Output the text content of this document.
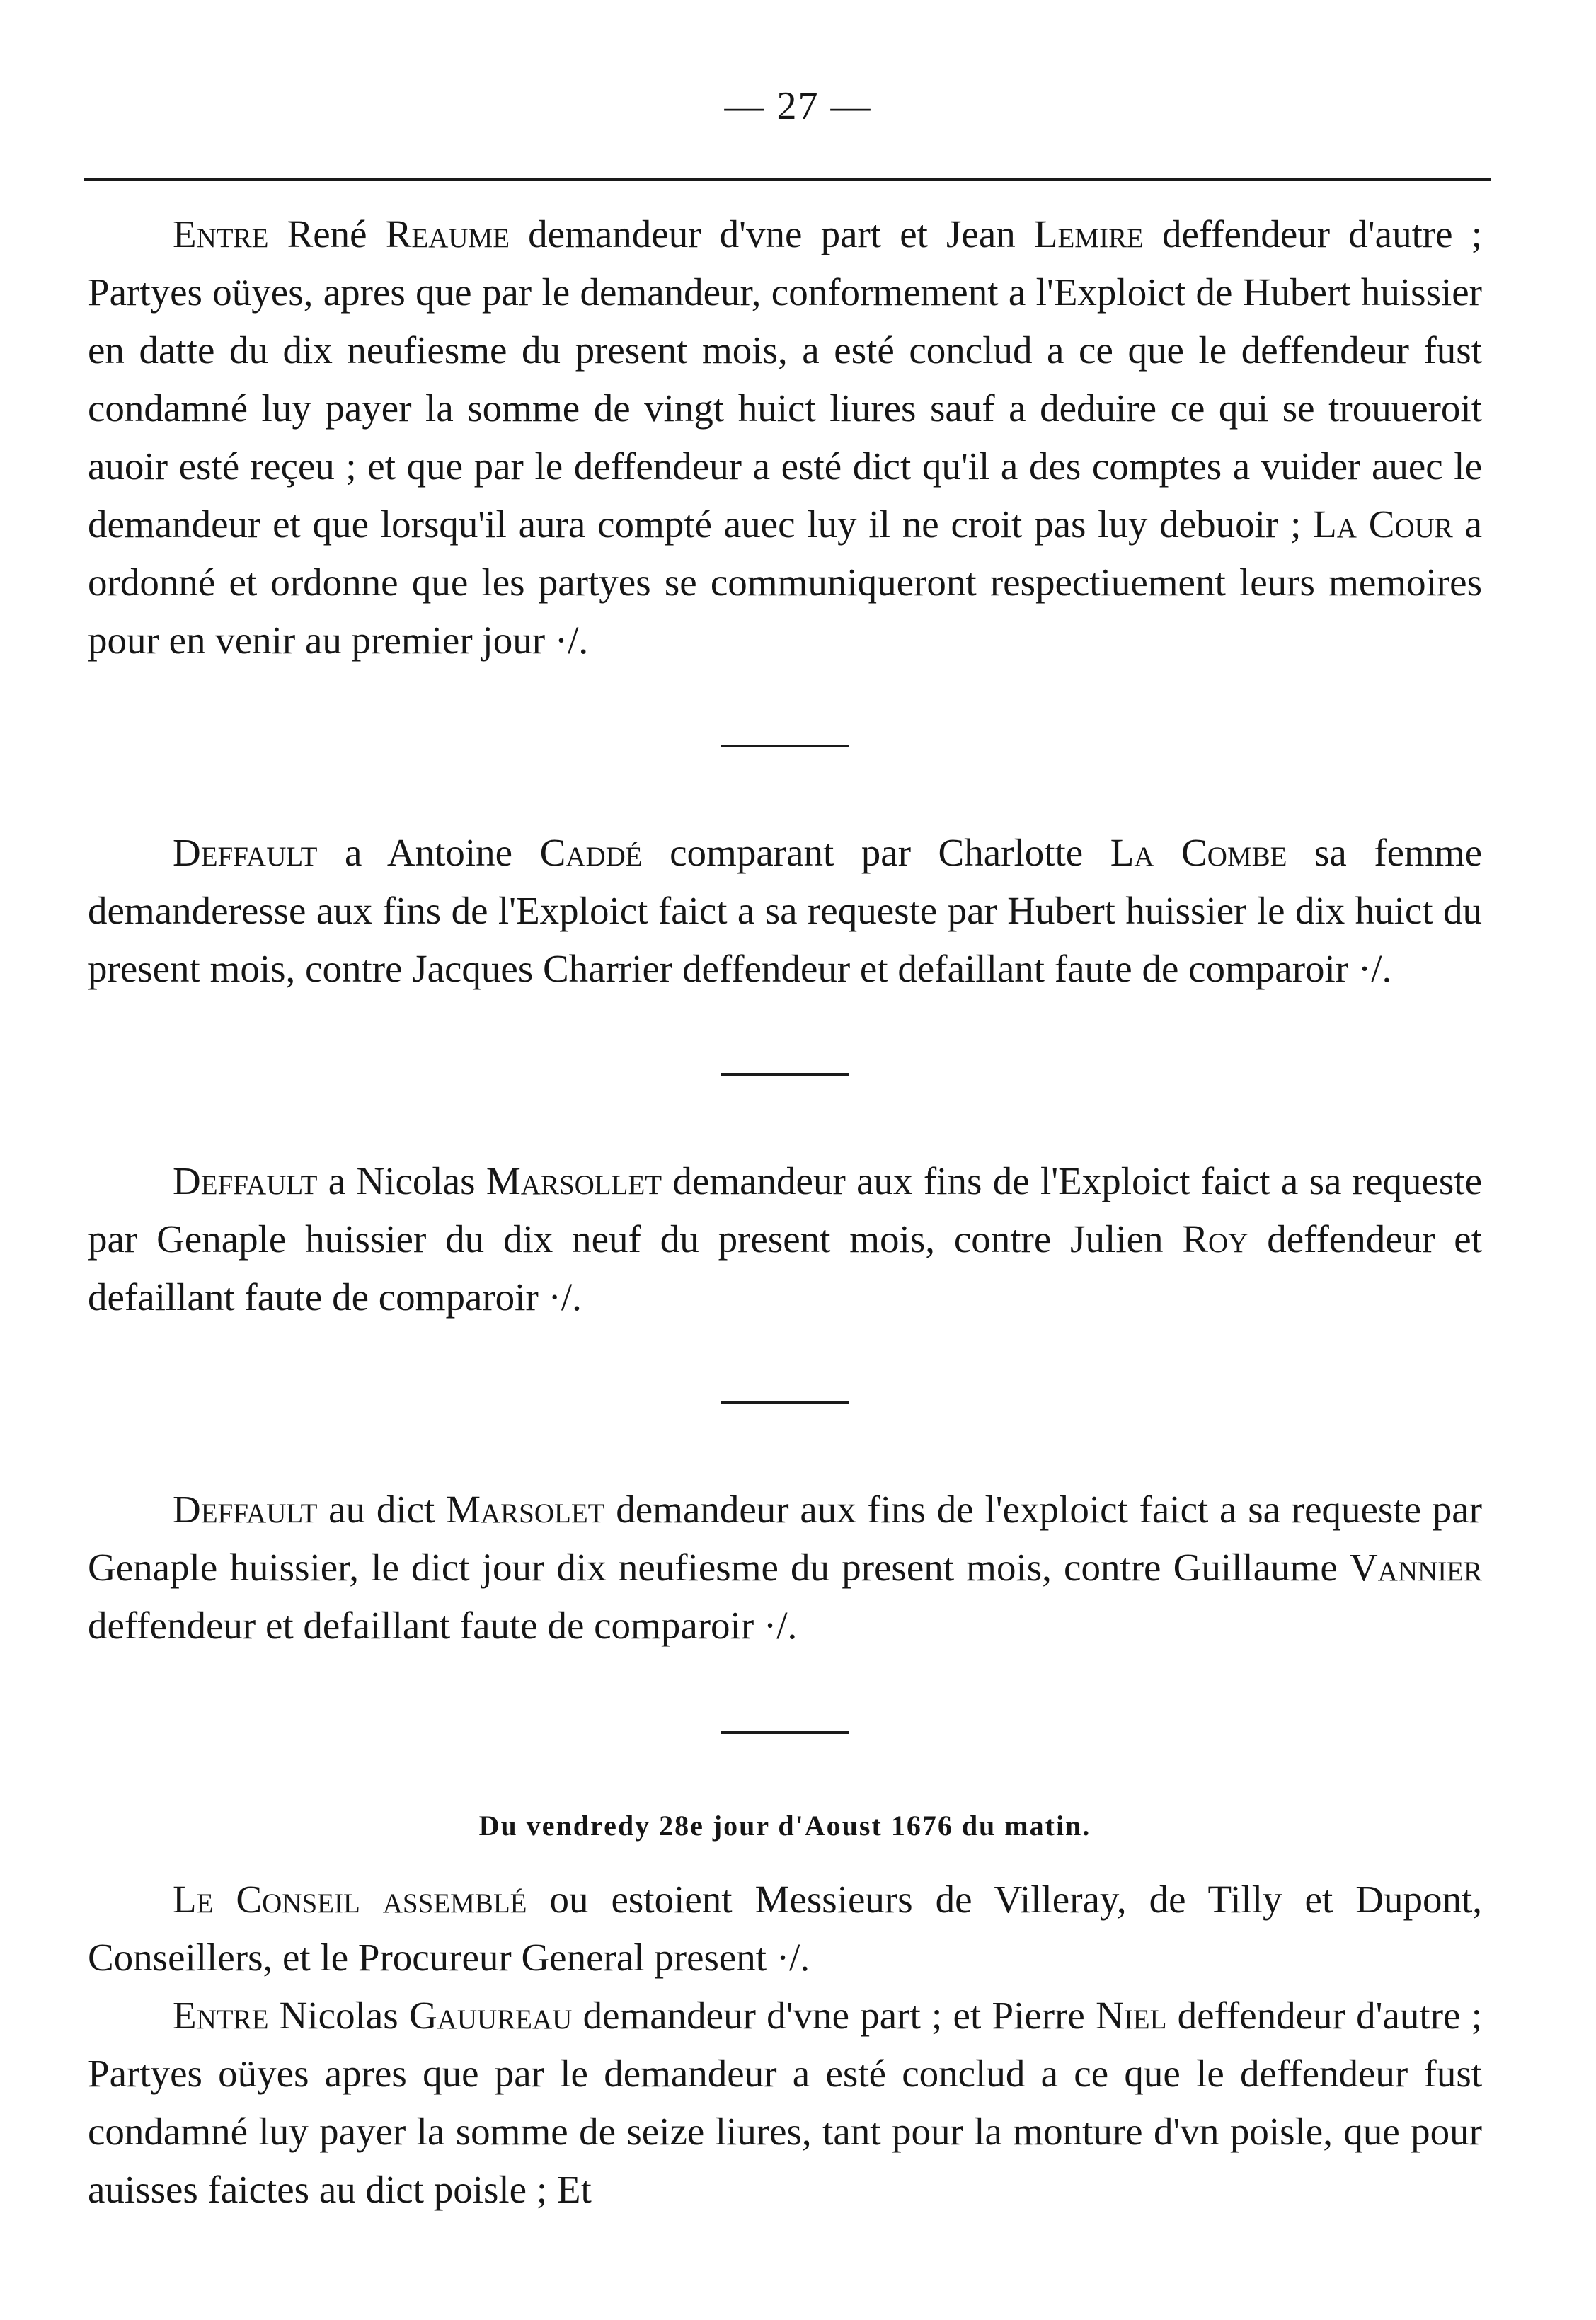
— 27 —

Entre René Reaume demandeur d'vne part et Jean Lemire deffendeur d'autre ; Partyes oüyes, apres que par le demandeur, conformement a l'Exploict de Hubert huissier en datte du dix neufiesme du present mois, a esté conclud a ce que le deffendeur fust condamné luy payer la somme de vingt huict liures sauf a deduire ce qui se trouueroit auoir esté reçeu ; et que par le deffendeur a esté dict qu'il a des comptes a vuider auec le demandeur et que lorsqu'il aura compté auec luy il ne croit pas luy debuoir ; La Cour a ordonné et ordonne que les partyes se communiqueront respectiuement leurs memoires pour en venir au premier jour ·/.

Deffault a Antoine Caddé comparant par Charlotte La Combe sa femme demanderesse aux fins de l'Exploict faict a sa requeste par Hubert huissier le dix huict du present mois, contre Jacques Charrier deffendeur et defaillant faute de comparoir ·/.

Deffault a Nicolas Marsollet demandeur aux fins de l'Exploict faict a sa requeste par Genaple huissier du dix neuf du present mois, contre Julien Roy deffendeur et defaillant faute de comparoir ·/.

Deffault au dict Marsolet demandeur aux fins de l'exploict faict a sa requeste par Genaple huissier, le dict jour dix neufiesme du present mois, contre Guillaume Vannier deffendeur et defaillant faute de comparoir ·/.

Du vendredy 28e jour d'Aoust 1676 du matin.

Le Conseil assemblé ou estoient Messieurs de Villeray, de Tilly et Dupont, Conseillers, et le Procureur General present ·/.

Entre Nicolas Gauureau demandeur d'vne part ; et Pierre Niel deffendeur d'autre ; Partyes oüyes apres que par le demandeur a esté conclud a ce que le deffendeur fust condamné luy payer la somme de seize liures, tant pour la monture d'vn poisle, que pour auisses faictes au dict poisle ; Et
